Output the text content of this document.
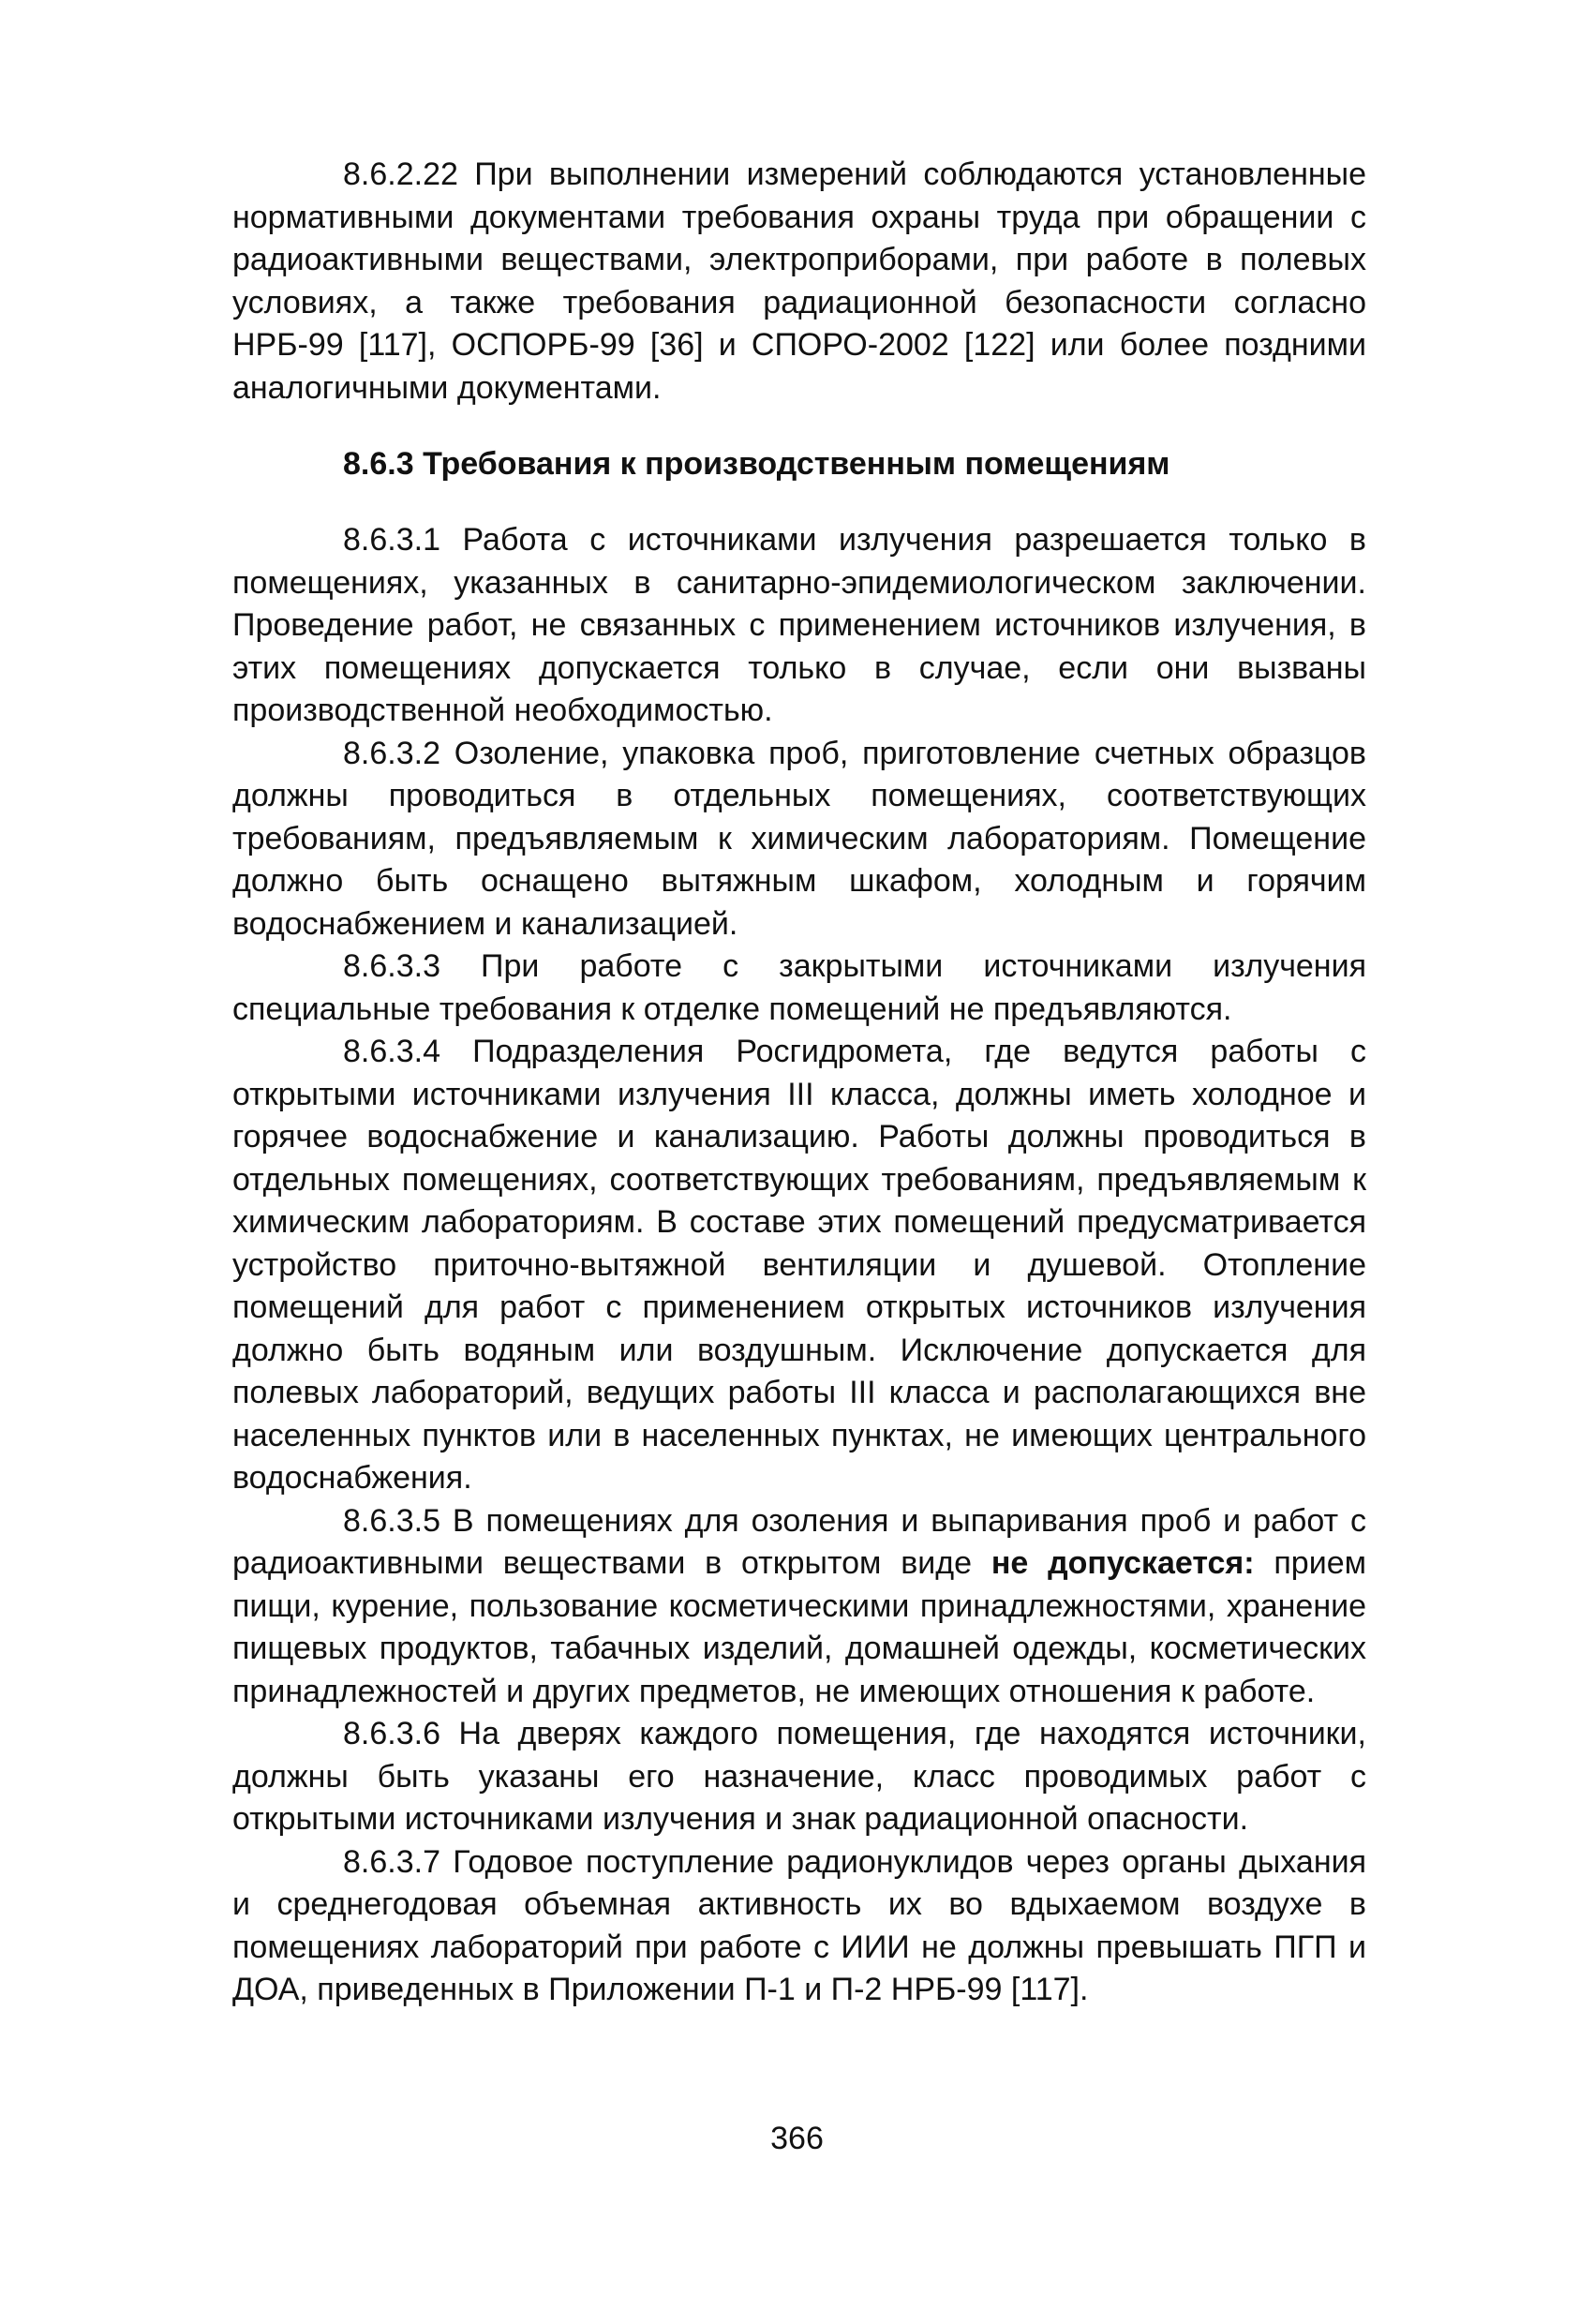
8.6.2.22 При выполнении измерений соблюдаются установленные нормативными документами требования охраны труда при обращении с радиоактивными веществами, электроприборами, при работе в полевых условиях, а также требования радиационной безопасности согласно НРБ-99 [117], ОСПОРБ-99 [36] и СПОРО-2002 [122] или более поздними аналогичными документами.

8.6.3 Требования к производственным помещениям

8.6.3.1 Работа с источниками излучения разрешается только в помещениях, указанных в санитарно-эпидемиологическом заключении. Проведение работ, не связанных с применением источников излучения, в этих помещениях допускается только в случае, если они вызваны производственной необходимостью.

8.6.3.2 Озоление, упаковка проб, приготовление счетных образцов должны проводиться в отдельных помещениях, соответствующих требованиям, предъявляемым к химическим лабораториям. Помещение должно быть оснащено вытяжным шкафом, холодным и горячим водоснабжением и канализацией.

8.6.3.3 При работе с закрытыми источниками излучения специальные требования к отделке помещений не предъявляются.

8.6.3.4 Подразделения Росгидромета, где ведутся работы с открытыми источниками излучения III класса, должны иметь холодное и горячее водоснабжение и канализацию. Работы должны проводиться в отдельных помещениях, соответствующих требованиям, предъявляемым к химическим лабораториям. В составе этих помещений предусматривается устройство приточно-вытяжной вентиляции и душевой. Отопление помещений для работ с применением открытых источников излучения должно быть водяным или воздушным. Исключение допускается для полевых лабораторий, ведущих работы III класса и располагающихся вне населенных пунктов или в населенных пунктах, не имеющих центрального водоснабжения.

8.6.3.5 В помещениях для озоления и выпаривания проб и работ с радиоактивными веществами в открытом виде не допускается: прием пищи, курение, пользование косметическими принадлежностями, хранение пищевых продуктов, табачных изделий, домашней одежды, косметических принадлежностей и других предметов, не имеющих отношения к работе.

8.6.3.6 На дверях каждого помещения, где находятся источники, должны быть указаны его назначение, класс проводимых работ с открытыми источниками излучения и знак радиационной опасности.

8.6.3.7 Годовое поступление радионуклидов через органы дыхания и среднегодовая объемная активность их во вдыхаемом воздухе в помещениях лабораторий при работе с ИИИ не должны превышать ПГП и ДОА, приведенных в Приложении П-1 и П-2 НРБ-99 [117].

366
